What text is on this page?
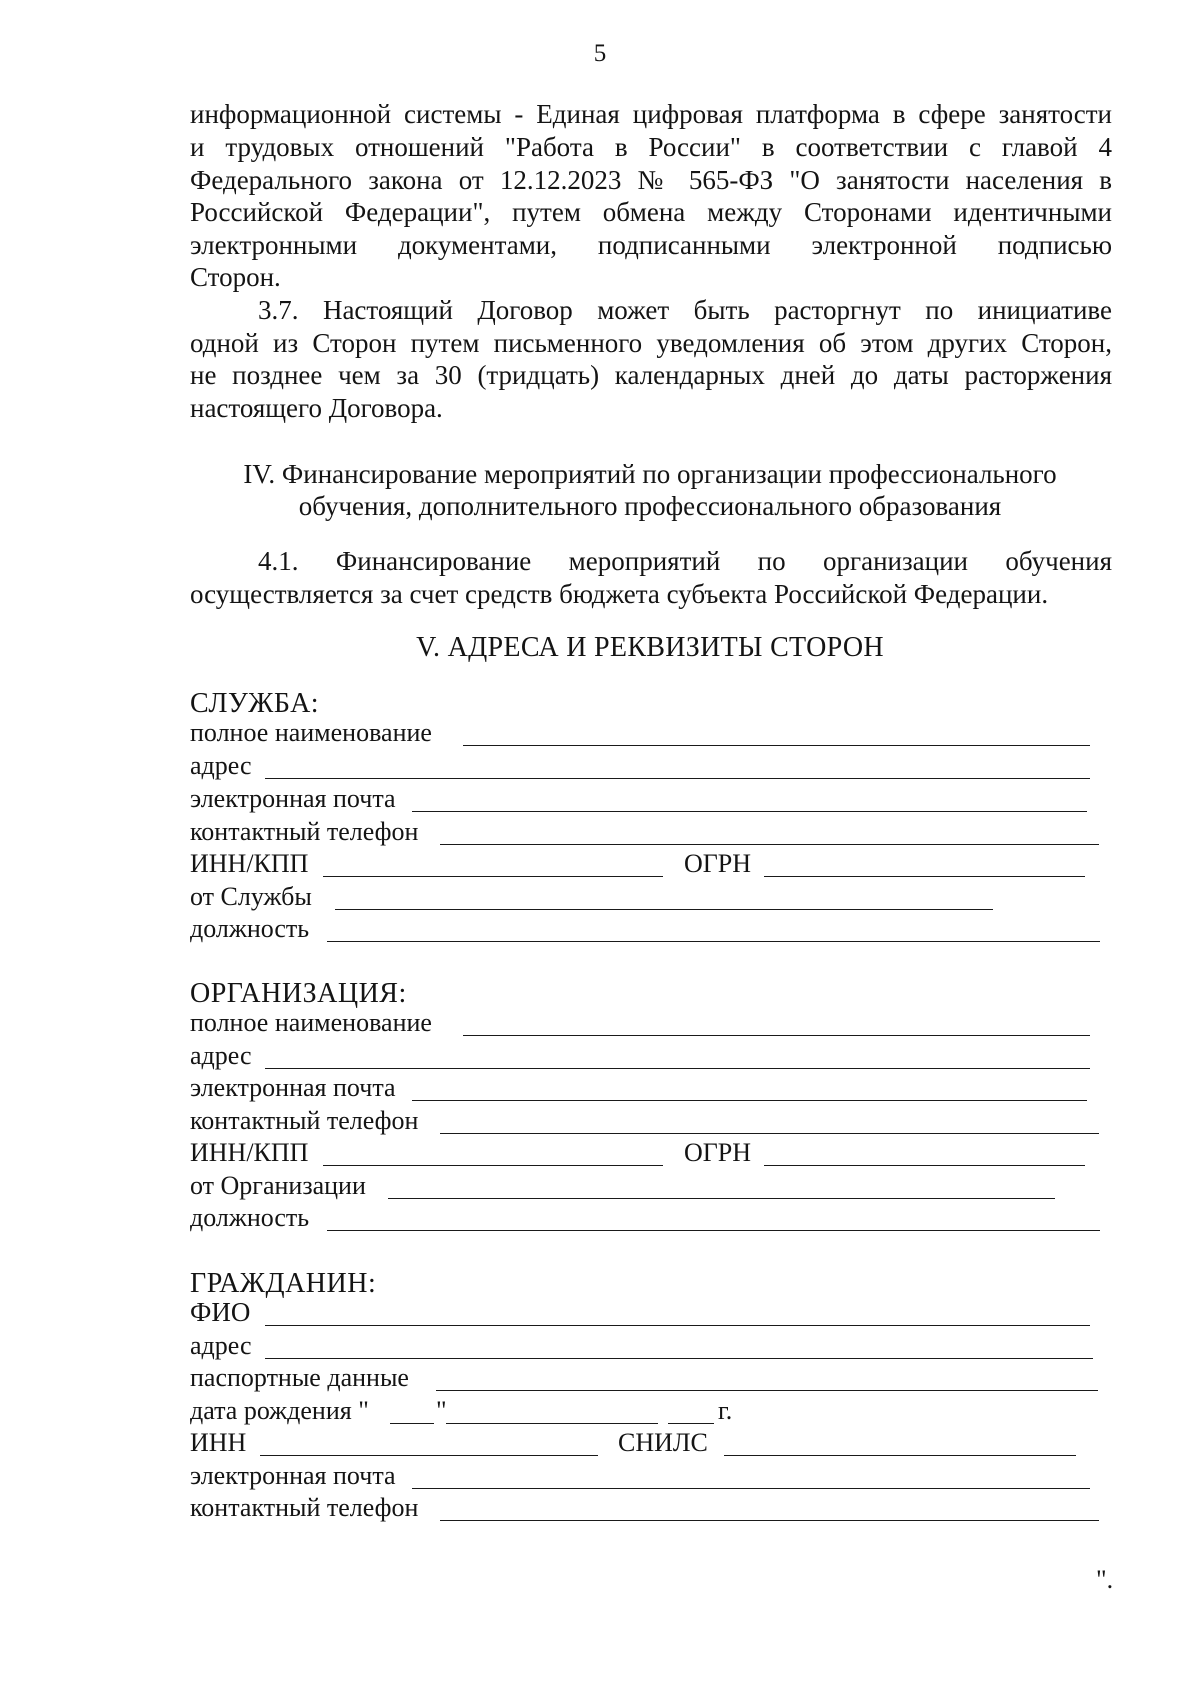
5
информационной системы - Единая цифровая платформа в сфере занятости
и трудовых отношений "Работа в России" в соответствии с главой 4
Федерального закона от 12.12.2023 № 565-ФЗ "О занятости населения в
Российской Федерации", путем обмена между Сторонами идентичными
электронными документами, подписанными электронной подписью
Сторон.
3.7. Настоящий Договор может быть расторгнут по инициативе
одной из Сторон путем письменного уведомления об этом других Сторон,
не позднее чем за 30 (тридцать) календарных дней до даты расторжения
настоящего Договора.
IV. Финансирование мероприятий по организации профессионального
обучения, дополнительного профессионального образования
4.1. Финансирование мероприятий по организации обучения
осуществляется за счет средств бюджета субъекта Российской Федерации.
V. АДРЕСА И РЕКВИЗИТЫ СТОРОН
СЛУЖБА:
полное наименование
адрес
электронная почта
контактный телефон
ИНН/КПП	ОГРН
от Службы
должность
ОРГАНИЗАЦИЯ:
полное наименование
адрес
электронная почта
контактный телефон
ИНН/КПП	ОГРН
от Организации
должность
ГРАЖДАНИН:
ФИО
адрес
паспортные данные
дата рождения "	"	г.
ИНН	СНИЛС
электронная почта
контактный телефон
".
